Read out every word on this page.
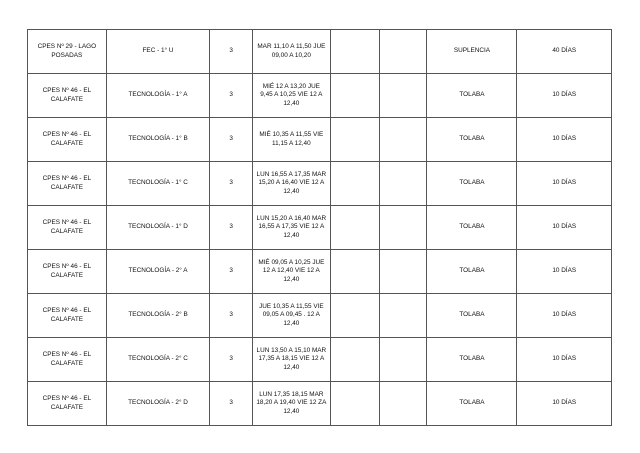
CPES Nº 29 - LAGO POSADAS	FEC - 1° U	3	MAR 11,10 A 11,50 JUE 09,00 A 10,20			SUPLENCIA	40 DÍAS

CPES Nº 46 - EL CALAFATE	TECNOLOGÍA - 1° A	3	MIÉ 12 A 13,20 JUE 9,45 A 10,25 VIE 12 A 12,40			TOLABA	10 DÍAS

CPES Nº 46 - EL CALAFATE	TECNOLOGÍA - 1° B	3	MIÉ 10,35 A 11,55 VIE 11,15 A 12,40			TOLABA	10 DÍAS

CPES Nº 46 - EL CALAFATE	TECNOLOGÍA - 1° C	3	LUN 16,55 A 17,35 MAR 15,20 A 16,40 VIE 12 A 12,40			TOLABA	10 DÍAS

CPES Nº 46 - EL CALAFATE	TECNOLOGÍA - 1° D	3	LUN 15,20 A 16,40 MAR 16,55 A 17,35 VIE 12 A 12,40			TOLABA	10 DÍAS

CPES Nº 46 - EL CALAFATE	TECNOLOGÍA - 2° A	3	MIÉ 09,05 A 10,25 JUE 12 A 12,40 VIE 12 A 12,40			TOLABA	10 DÍAS

CPES Nº 46 - EL CALAFATE	TECNOLOGÍA - 2° B	3	JUE 10,35 A 11,55 VIE 09,05 A 09,45 . 12 A 12,40			TOLABA	10 DÍAS

CPES Nº 46 - EL CALAFATE	TECNOLOGÍA - 2° C	3	LUN 13,50 A 15,10 MAR 17,35 A 18,15 VIE 12 A 12,40			TOLABA	10 DÍAS

CPES Nº 46 - EL CALAFATE	TECNOLOGÍA - 2° D	3	LUN 17,35 18,15 MAR 18,20 A 19,40 VIE 12 ZA 12,40			TOLABA	10 DÍAS
